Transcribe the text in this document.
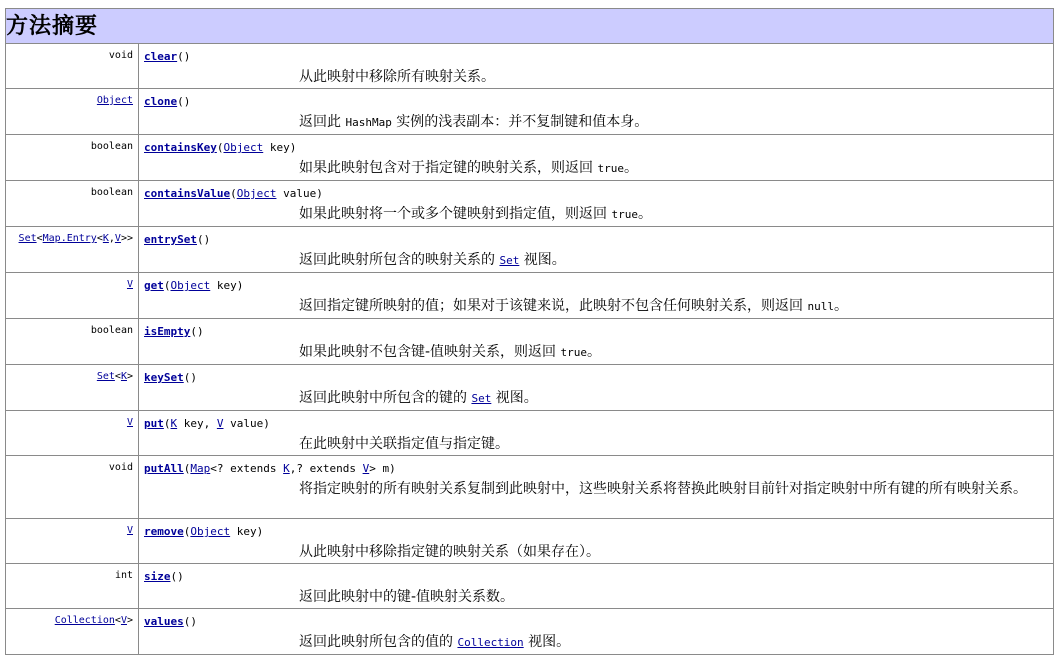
方法摘要	
void	clear()
从此映射中移除所有映射关系。

Object	clone()
返回此 HashMap 实例的浅表副本：并不复制键和值本身。

boolean	containsKey(Object key)
如果此映射包含对于指定键的映射关系，则返回 true。

boolean	containsValue(Object value)
如果此映射将一个或多个键映射到指定值，则返回 true。

Set<Map.Entry<K,V>>	entrySet()
返回此映射所包含的映射关系的 Set 视图。

V	get(Object key)
返回指定键所映射的值；如果对于该键来说，此映射不包含任何映射关系，则返回 null。

boolean	isEmpty()
如果此映射不包含键-值映射关系，则返回 true。

Set<K>	keySet()
返回此映射中所包含的键的 Set 视图。

V	put(K key, V value)
在此映射中关联指定值与指定键。

void	putAll(Map<? extends K,? extends V> m)
将指定映射的所有映射关系复制到此映射中，这些映射关系将替换此映射目前针对指定映射中所有键的所有映射关系。

V	remove(Object key)
从此映射中移除指定键的映射关系（如果存在）。

int	size()
返回此映射中的键-值映射关系数。

Collection<V>	values()
返回此映射所包含的值的 Collection 视图。
